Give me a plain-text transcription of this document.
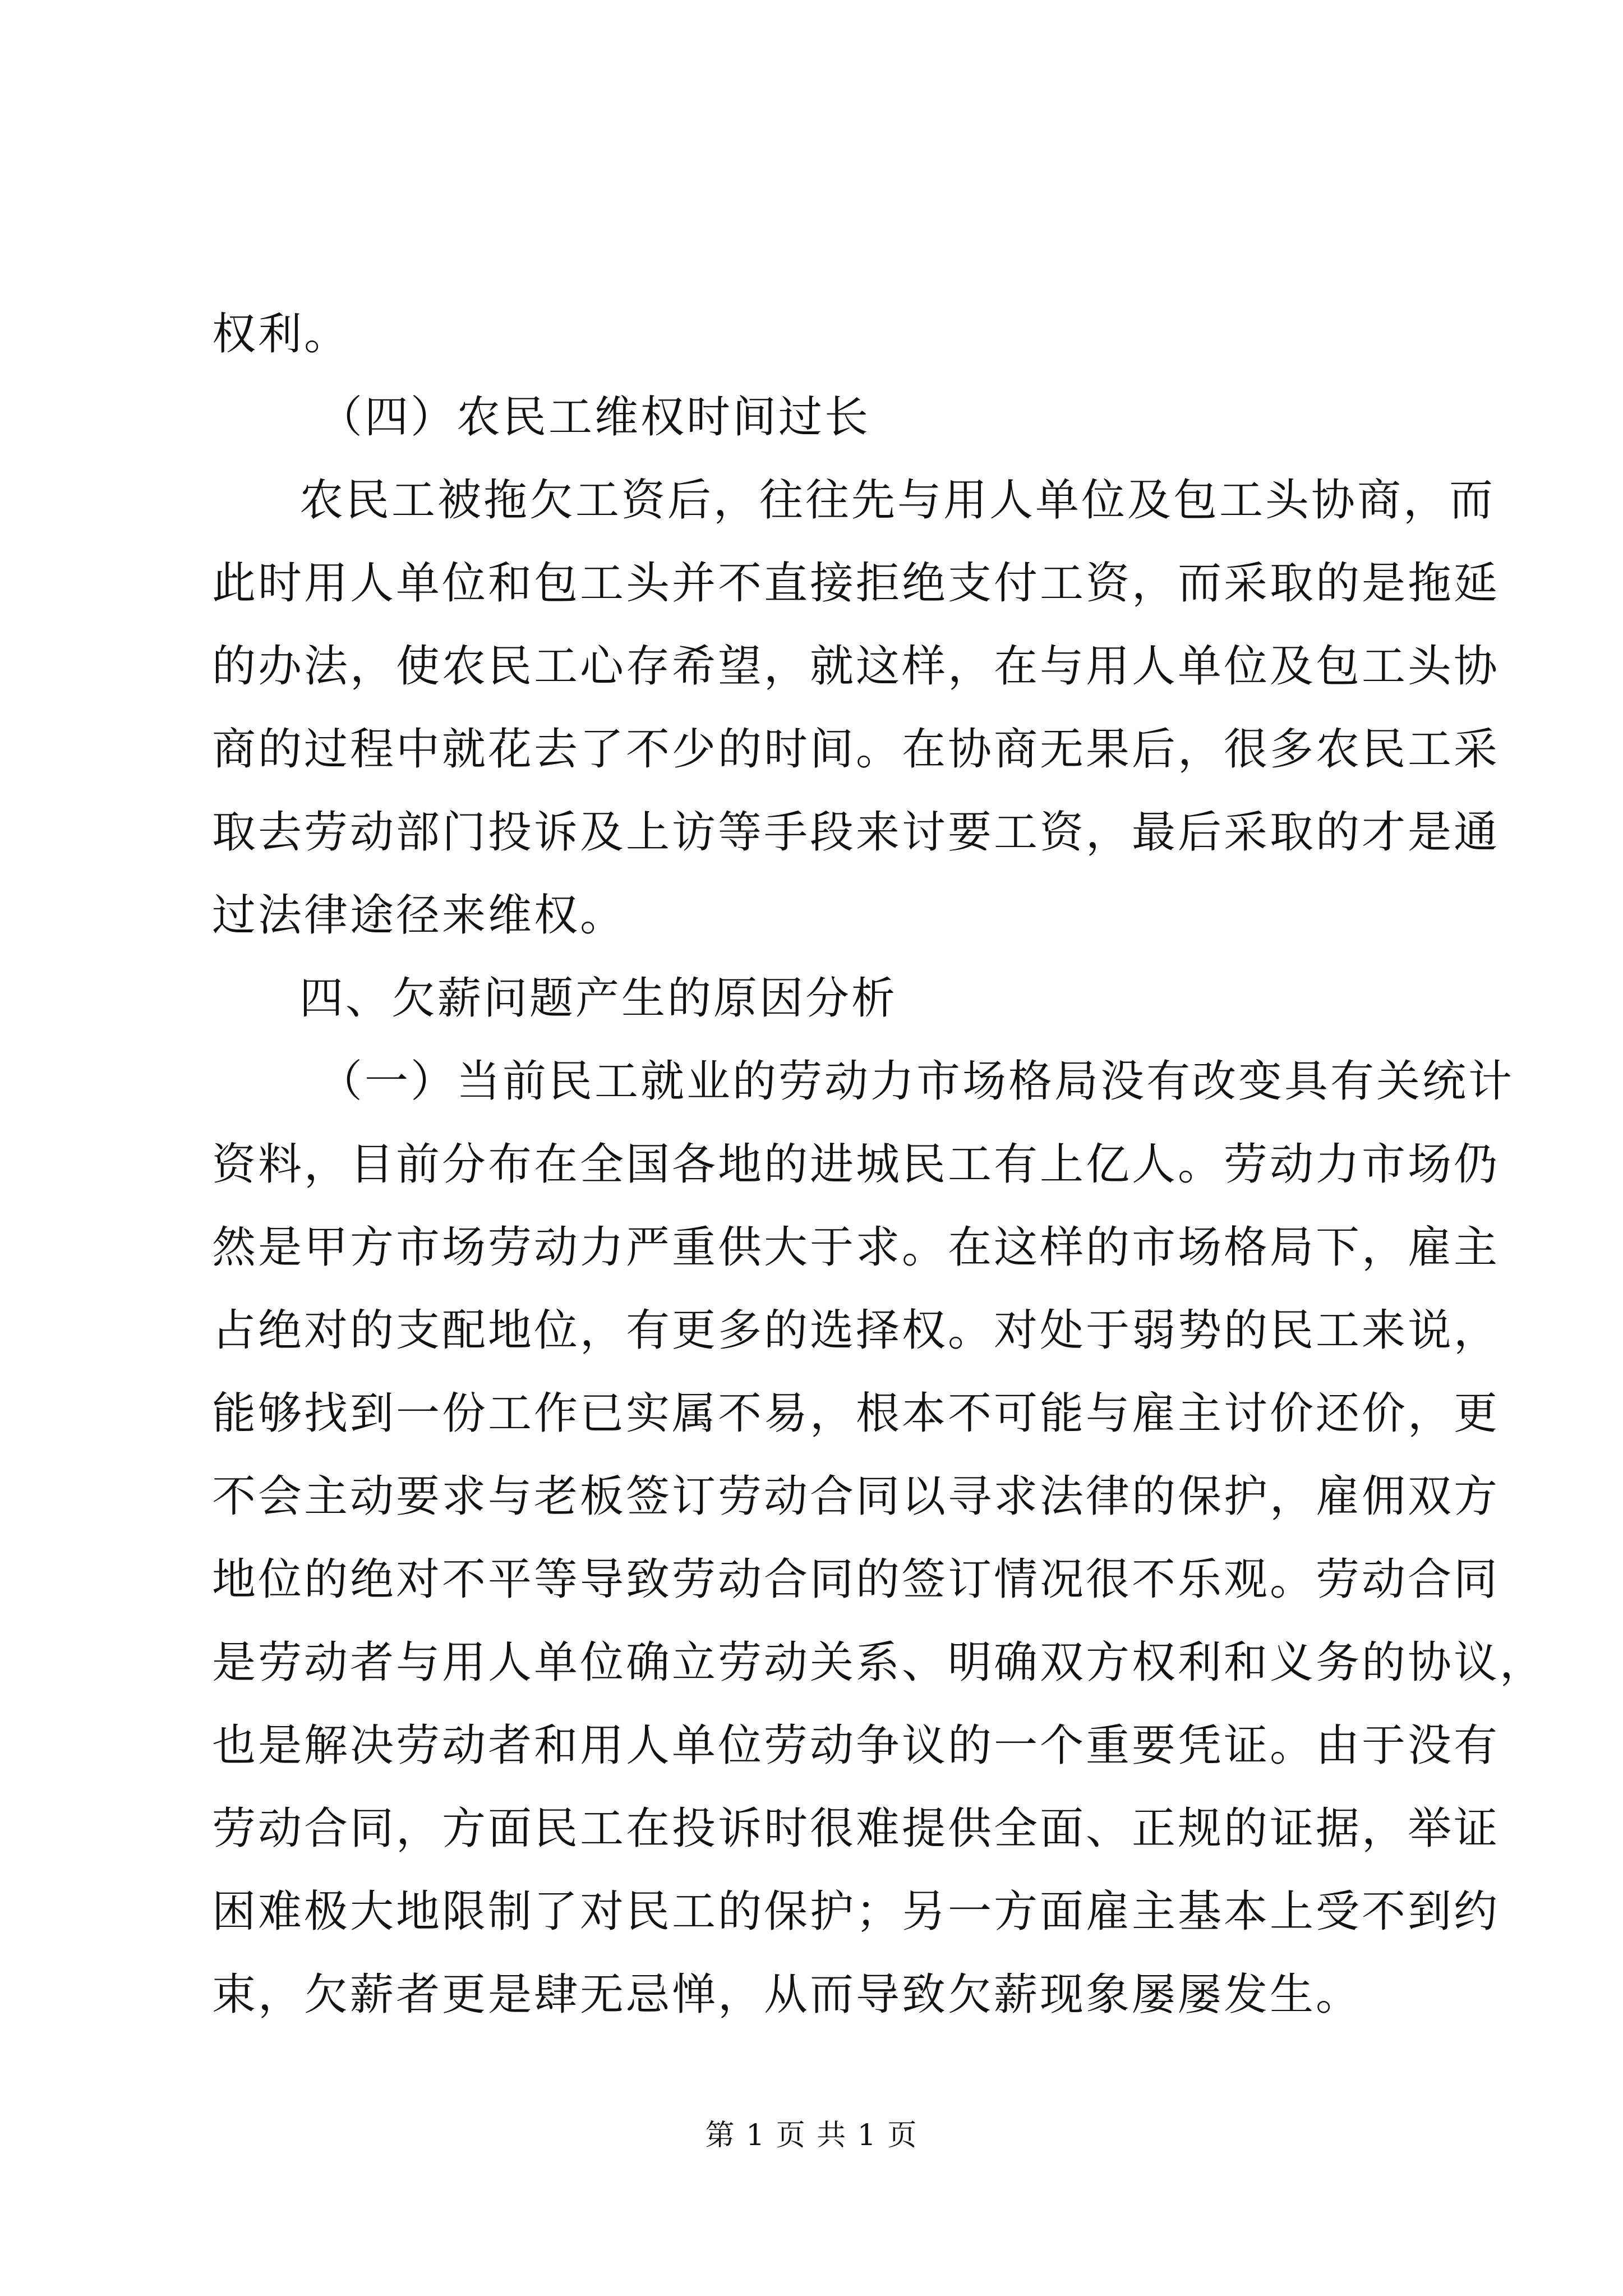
权利。
（四）农民工维权时间过长
农民工被拖欠工资后，往往先与用人单位及包工头协商，而
此时用人单位和包工头并不直接拒绝支付工资，而采取的是拖延
的办法，使农民工心存希望，就这样，在与用人单位及包工头协
商的过程中就花去了不少的时间。在协商无果后，很多农民工采
取去劳动部门投诉及上访等手段来讨要工资，最后采取的才是通
过法律途径来维权。
四、欠薪问题产生的原因分析
（一）当前民工就业的劳动力市场格局没有改变具有关统计
资料，目前分布在全国各地的进城民工有上亿人。劳动力市场仍
然是甲方市场劳动力严重供大于求。在这样的市场格局下，雇主
占绝对的支配地位，有更多的选择权。对处于弱势的民工来说，
能够找到一份工作已实属不易，根本不可能与雇主讨价还价，更
不会主动要求与老板签订劳动合同以寻求法律的保护，雇佣双方
地位的绝对不平等导致劳动合同的签订情况很不乐观。劳动合同
是劳动者与用人单位确立劳动关系、明确双方权利和义务的协议，
也是解决劳动者和用人单位劳动争议的一个重要凭证。由于没有
劳动合同，方面民工在投诉时很难提供全面、正规的证据，举证
困难极大地限制了对民工的保护；另一方面雇主基本上受不到约
束，欠薪者更是肆无忌惮，从而导致欠薪现象屡屡发生。
第 1 页 共 1 页
